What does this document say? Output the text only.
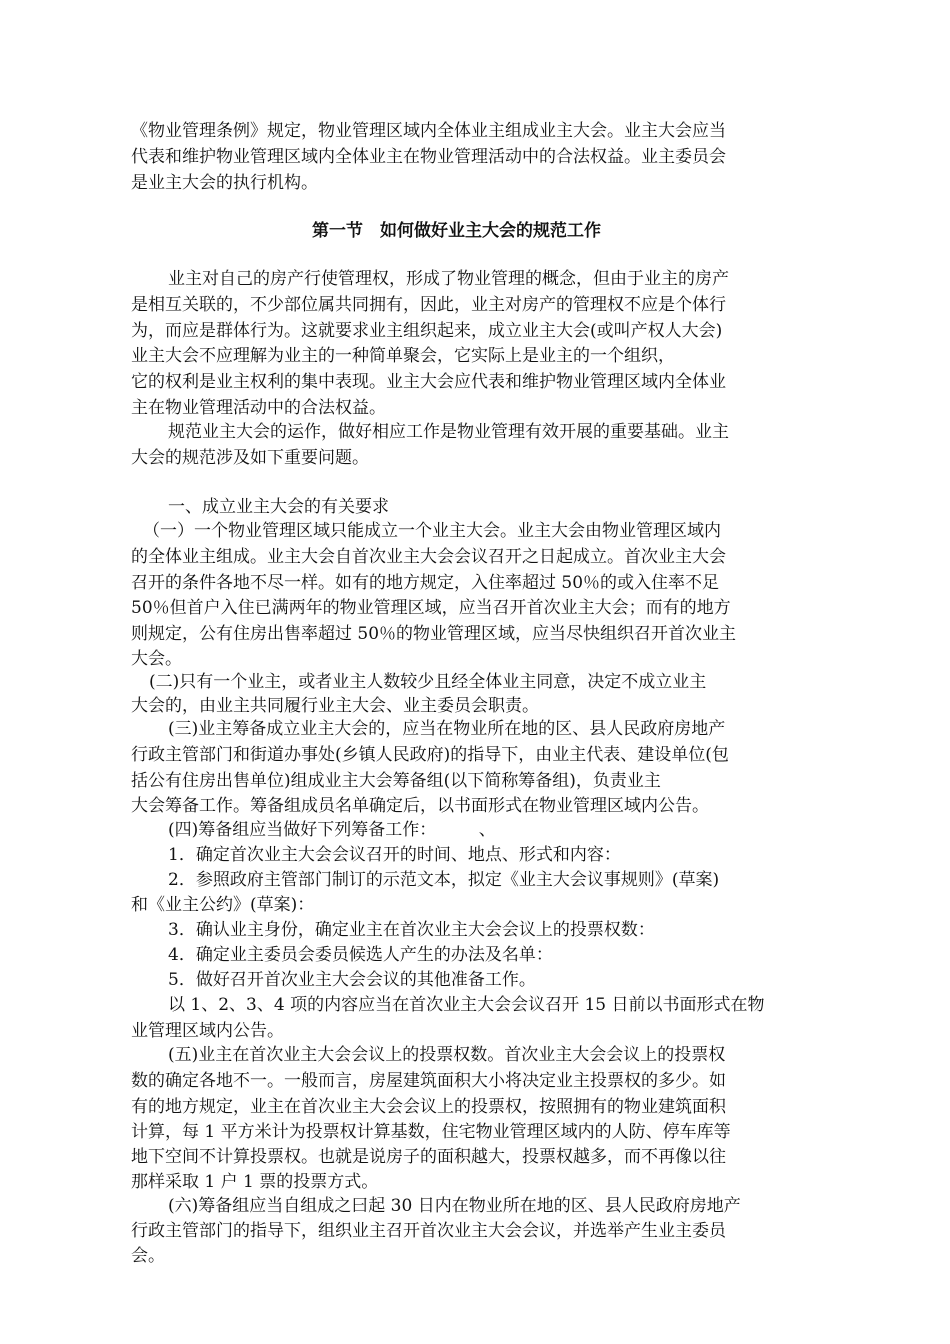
《物业管理条例》规定，物业管理区域内全体业主组成业主大会。业主大会应当
代表和维护物业管理区域内全体业主在物业管理活动中的合法权益。业主委员会
是业主大会的执行机构。
第一节　如何做好业主大会的规范工作
业主对自己的房产行使管理权，形成了物业管理的概念，但由于业主的房产
是相互关联的，不少部位属共同拥有，因此，业主对房产的管理权不应是个体行
为，而应是群体行为。这就要求业主组织起来，成立业主大会(或叫产权人大会)
业主大会不应理解为业主的一种简单聚会，它实际上是业主的一个组织，
它的权利是业主权利的集中表现。业主大会应代表和维护物业管理区域内全体业
主在物业管理活动中的合法权益。
规范业主大会的运作，做好相应工作是物业管理有效开展的重要基础。业主
大会的规范涉及如下重要问题。
一、成立业主大会的有关要求
（一）一个物业管理区域只能成立一个业主大会。业主大会由物业管理区域内
的全体业主组成。业主大会自首次业主大会会议召开之日起成立。首次业主大会
召开的条件各地不尽一样。如有的地方规定，入住率超过 50％的或入住率不足
50％但首户入住已满两年的物业管理区域，应当召开首次业主大会；而有的地方
则规定，公有住房出售率超过 50％的物业管理区域，应当尽快组织召开首次业主
大会。
(二)只有一个业主，或者业主人数较少且经全体业主同意，决定不成立业主
大会的，由业主共同履行业主大会、业主委员会职责。
(三)业主筹备成立业主大会的，应当在物业所在地的区、县人民政府房地产
行政主管部门和街道办事处(乡镇人民政府)的指导下，由业主代表、建设单位(包
括公有住房出售单位)组成业主大会筹备组(以下简称筹备组)，负责业主
大会筹备工作。筹备组成员名单确定后，以书面形式在物业管理区域内公告。
(四)筹备组应当做好下列筹备工作：　　　、
1．确定首次业主大会会议召开的时间、地点、形式和内容：
2．参照政府主管部门制订的示范文本，拟定《业主大会议事规则》(草案)
和《业主公约》(草案)：
3．确认业主身份，确定业主在首次业主大会会议上的投票权数：
4．确定业主委员会委员候选人产生的办法及名单：
5．做好召开首次业主大会会议的其他准备工作。
以 1、2、3、4 项的内容应当在首次业主大会会议召开 15 日前以书面形式在物
业管理区域内公告。
(五)业主在首次业主大会会议上的投票权数。首次业主大会会议上的投票权
数的确定各地不一。一般而言，房屋建筑面积大小将决定业主投票权的多少。如
有的地方规定，业主在首次业主大会会议上的投票权，按照拥有的物业建筑面积
计算，每 1 平方米计为投票权计算基数，住宅物业管理区域内的人防、停车库等
地下空间不计算投票权。也就是说房子的面积越大，投票权越多，而不再像以往
那样采取 1 户 1 票的投票方式。
(六)筹备组应当自组成之曰起 30 日内在物业所在地的区、县人民政府房地产
行政主管部门的指导下，组织业主召开首次业主大会会议，并选举产生业主委员
会。
